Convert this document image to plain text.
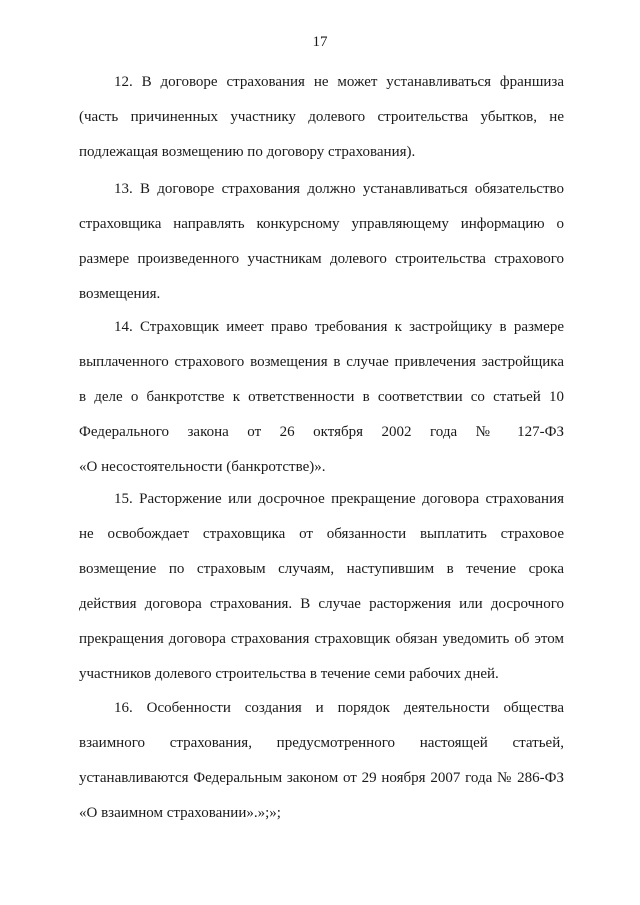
17
12. В договоре страхования не может устанавливаться франшиза
(часть причиненных участнику долевого строительства убытков, не
подлежащая возмещению по договору страхования).
13. В договоре страхования должно устанавливаться обязательство
страховщика направлять конкурсному управляющему информацию о
размере произведенного участникам долевого строительства страхового
возмещения.
14. Страховщик имеет право требования к застройщику в размере
выплаченного страхового возмещения в случае привлечения застройщика
в деле о банкротстве к ответственности в соответствии со статьей 10
Федерального закона от 26 октября 2002 года № 127-ФЗ
«О несостоятельности (банкротстве)».
15. Расторжение или досрочное прекращение договора страхования
не освобождает страховщика от обязанности выплатить страховое
возмещение по страховым случаям, наступившим в течение срока
действия договора страхования. В случае расторжения или досрочного
прекращения договора страхования страховщик обязан уведомить об этом
участников долевого строительства в течение семи рабочих дней.
16. Особенности создания и порядок деятельности общества
взаимного страхования, предусмотренного настоящей статьей,
устанавливаются Федеральным законом от 29 ноября 2007 года № 286-ФЗ
«О взаимном страховании».»;»;
